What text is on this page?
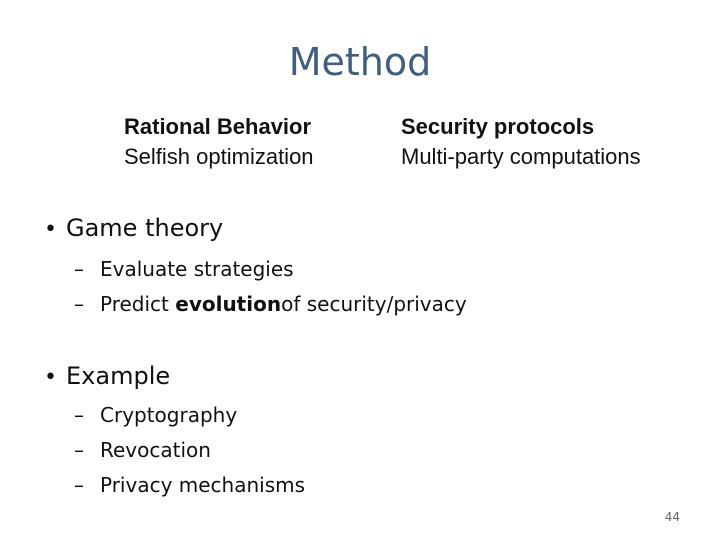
Method
Rational Behavior
Selfish optimization
Security protocols
Multi-party computations
• Game theory
– Evaluate strategies
– Predict evolutionof security/privacy
• Example
– Cryptography
– Revocation
– Privacy mechanisms
44
